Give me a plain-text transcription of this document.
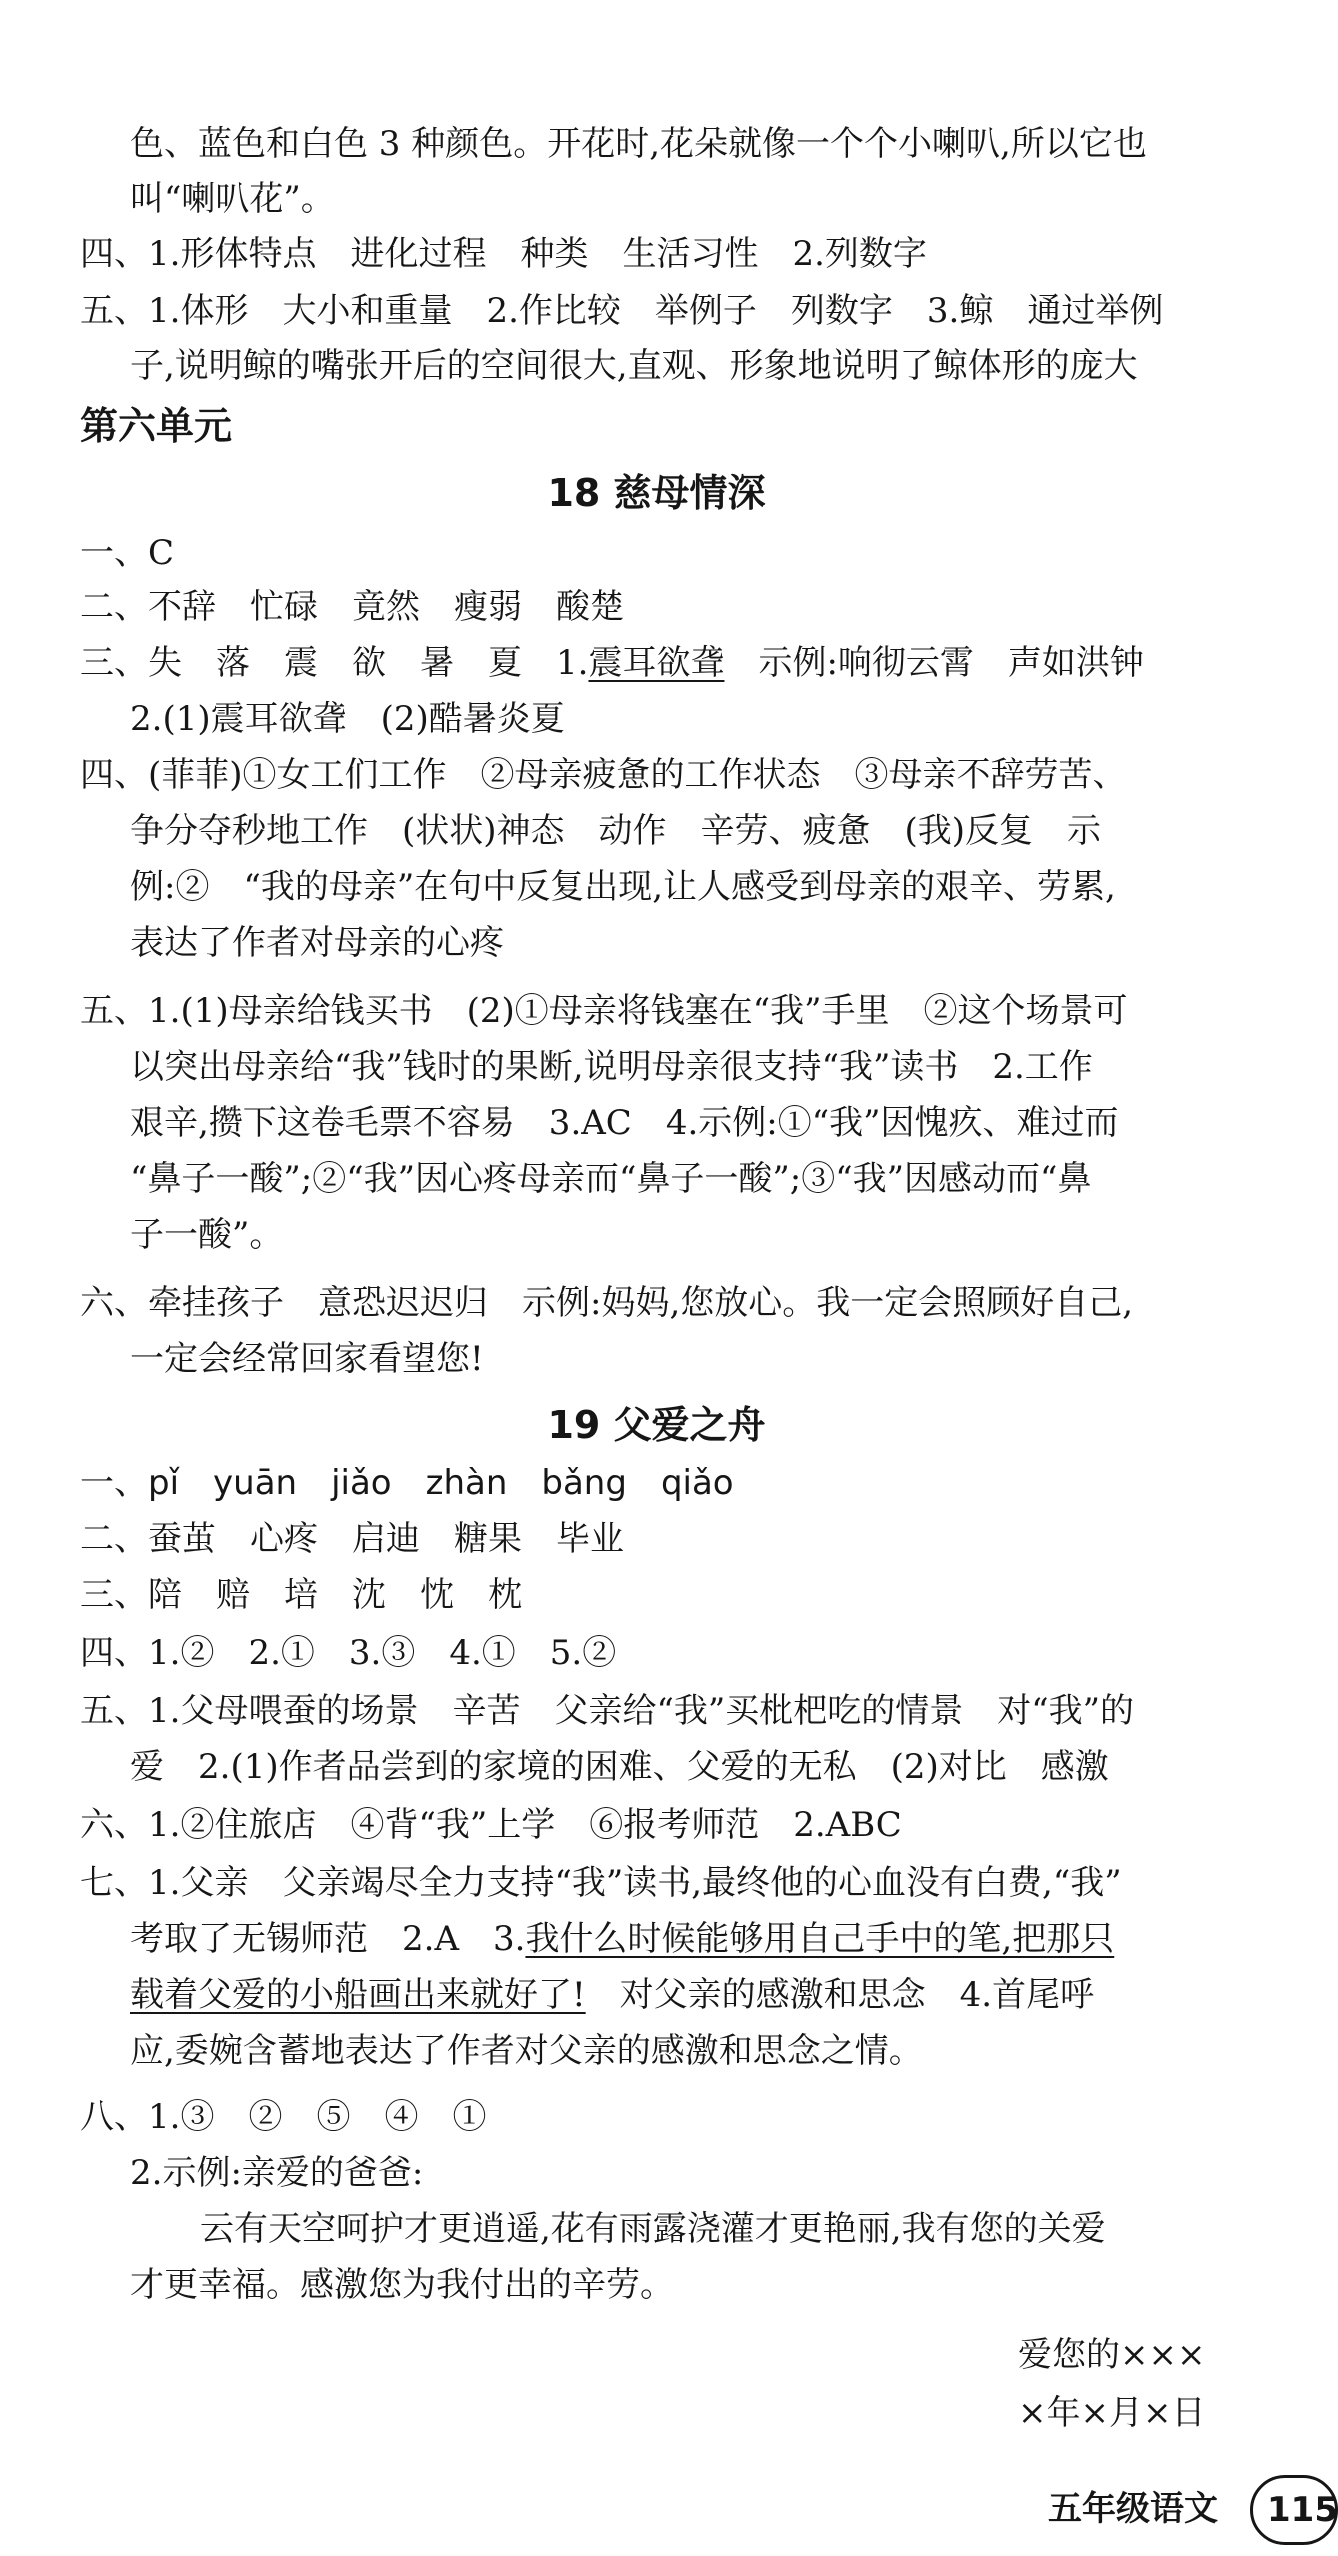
色、蓝色和白色 3 种颜色。开花时,花朵就像一个个小喇叭,所以它也
叫“喇叭花”。
四、1.形体特点　进化过程　种类　生活习性　2.列数字
五、1.体形　大小和重量　2.作比较　举例子　列数字　3.鲸　通过举例
子,说明鲸的嘴张开后的空间很大,直观、形象地说明了鲸体形的庞大
第六单元
18 慈母情深
一、C
二、不辞　忙碌　竟然　瘦弱　酸楚
三、失　落　震　欲　暑　夏　1.震耳欲聋　示例:响彻云霄　声如洪钟
2.(1)震耳欲聋　(2)酷暑炎夏
四、(菲菲)①女工们工作　②母亲疲惫的工作状态　③母亲不辞劳苦、
争分夺秒地工作　(状状)神态　动作　辛劳、疲惫　(我)反复　示
例:②　“我的母亲”在句中反复出现,让人感受到母亲的艰辛、劳累,
表达了作者对母亲的心疼
五、1.(1)母亲给钱买书　(2)①母亲将钱塞在“我”手里　②这个场景可
以突出母亲给“我”钱时的果断,说明母亲很支持“我”读书　2.工作
艰辛,攒下这卷毛票不容易　3.AC　4.示例:①“我”因愧疚、难过而
“鼻子一酸”;②“我”因心疼母亲而“鼻子一酸”;③“我”因感动而“鼻
子一酸”。
六、牵挂孩子　意恐迟迟归　示例:妈妈,您放心。我一定会照顾好自己,
一定会经常回家看望您!
19 父爱之舟
一、pǐ　yuān　jiǎo　zhàn　bǎng　qiǎo
二、蚕茧　心疼　启迪　糖果　毕业
三、陪　赔　培　沈　忱　枕
四、1.②　2.①　3.③　4.①　5.②
五、1.父母喂蚕的场景　辛苦　父亲给“我”买枇杷吃的情景　对“我”的
爱　2.(1)作者品尝到的家境的困难、父爱的无私　(2)对比　感激
六、1.②住旅店　④背“我”上学　⑥报考师范　2.ABC
七、1.父亲　父亲竭尽全力支持“我”读书,最终他的心血没有白费,“我”
考取了无锡师范　2.A　3.我什么时候能够用自己手中的笔,把那只
载着父爱的小船画出来就好了!　对父亲的感激和思念　4.首尾呼
应,委婉含蓄地表达了作者对父亲的感激和思念之情。
八、1.③　②　⑤　④　①
2.示例:亲爱的爸爸:
云有天空呵护才更逍遥,花有雨露浇灌才更艳丽,我有您的关爱
才更幸福。感激您为我付出的辛劳。
爱您的×××
×年×月×日
五年级语文	115
